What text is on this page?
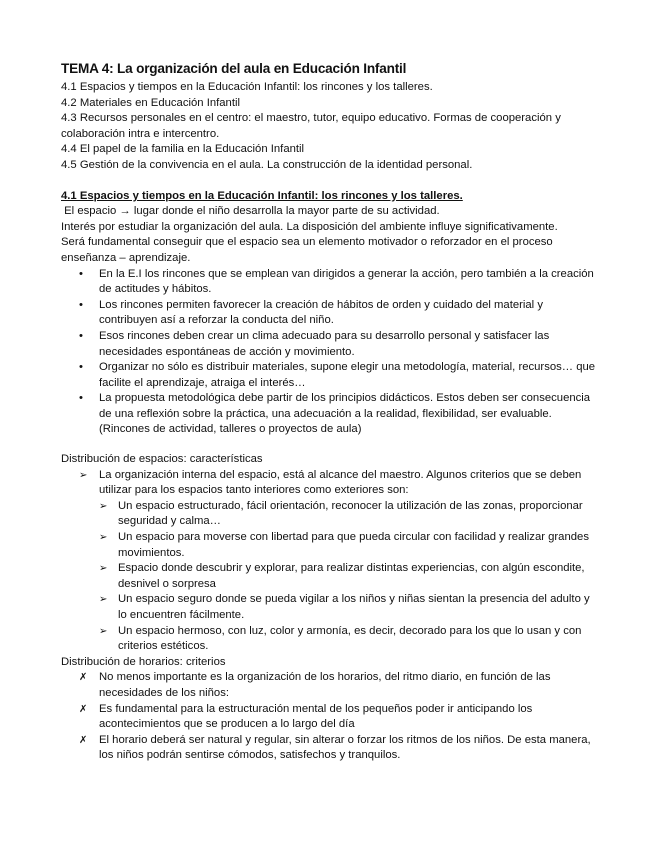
TEMA 4: La organización del aula en Educación Infantil
4.1 Espacios y tiempos en la Educación Infantil: los rincones y los talleres.
4.2 Materiales en Educación Infantil
4.3 Recursos personales en el centro: el maestro, tutor, equipo educativo. Formas de cooperación y colaboración intra e intercentro.
4.4 El papel de la familia en la Educación Infantil
4.5 Gestión de la convivencia en el aula. La construcción de la identidad personal.
4.1 Espacios y tiempos en la Educación Infantil: los rincones y los talleres.

El espacio → lugar donde el niño desarrolla la mayor parte de su actividad.

Interés por estudiar la organización del aula. La disposición del ambiente influye significativamente.

Será fundamental conseguir que el espacio sea un elemento motivador o reforzador en el proceso enseñanza – aprendizaje.

• En la E.I los rincones que se emplean van dirigidos a generar la acción, pero también a la creación de actitudes y hábitos.
• Los rincones permiten favorecer la creación de hábitos de orden y cuidado del material y contribuyen así a reforzar la conducta del niño.
• Esos rincones deben crear un clima adecuado para su desarrollo personal y satisfacer las necesidades espontáneas de acción y movimiento.
• Organizar no sólo es distribuir materiales, supone elegir una metodología, material, recursos… que facilite el aprendizaje, atraiga el interés…
• La propuesta metodológica debe partir de los principios didácticos. Estos deben ser consecuencia de una reflexión sobre la práctica, una adecuación a la realidad, flexibilidad, ser evaluable. (Rincones de actividad, talleres o proyectos de aula)

Distribución de espacios: características

➢ La organización interna del espacio, está al alcance del maestro. Algunos criterios que se deben utilizar para los espacios tanto interiores como exteriores son:
➢ Un espacio estructurado, fácil orientación, reconocer la utilización de las zonas, proporcionar seguridad y calma…
➢ Un espacio para moverse con libertad para que pueda circular con facilidad y realizar grandes movimientos.
➢ Espacio donde descubrir y explorar, para realizar distintas experiencias, con algún escondite, desnivel o sorpresa
➢ Un espacio seguro donde se pueda vigilar a los niños y niñas sientan la presencia del adulto y lo encuentren fácilmente.
➢ Un espacio hermoso, con luz, color y armonía, es decir, decorado para los que lo usan y con criterios estéticos.

Distribución de horarios: criterios

✗ No menos importante es la organización de los horarios, del ritmo diario, en función de las necesidades de los niños:
✗ Es fundamental para la estructuración mental de los pequeños poder ir anticipando los acontecimientos que se producen a lo largo del día
✗ El horario deberá ser natural y regular, sin alterar o forzar los ritmos de los niños. De esta manera, los niños podrán sentirse cómodos, satisfechos y tranquilos.
